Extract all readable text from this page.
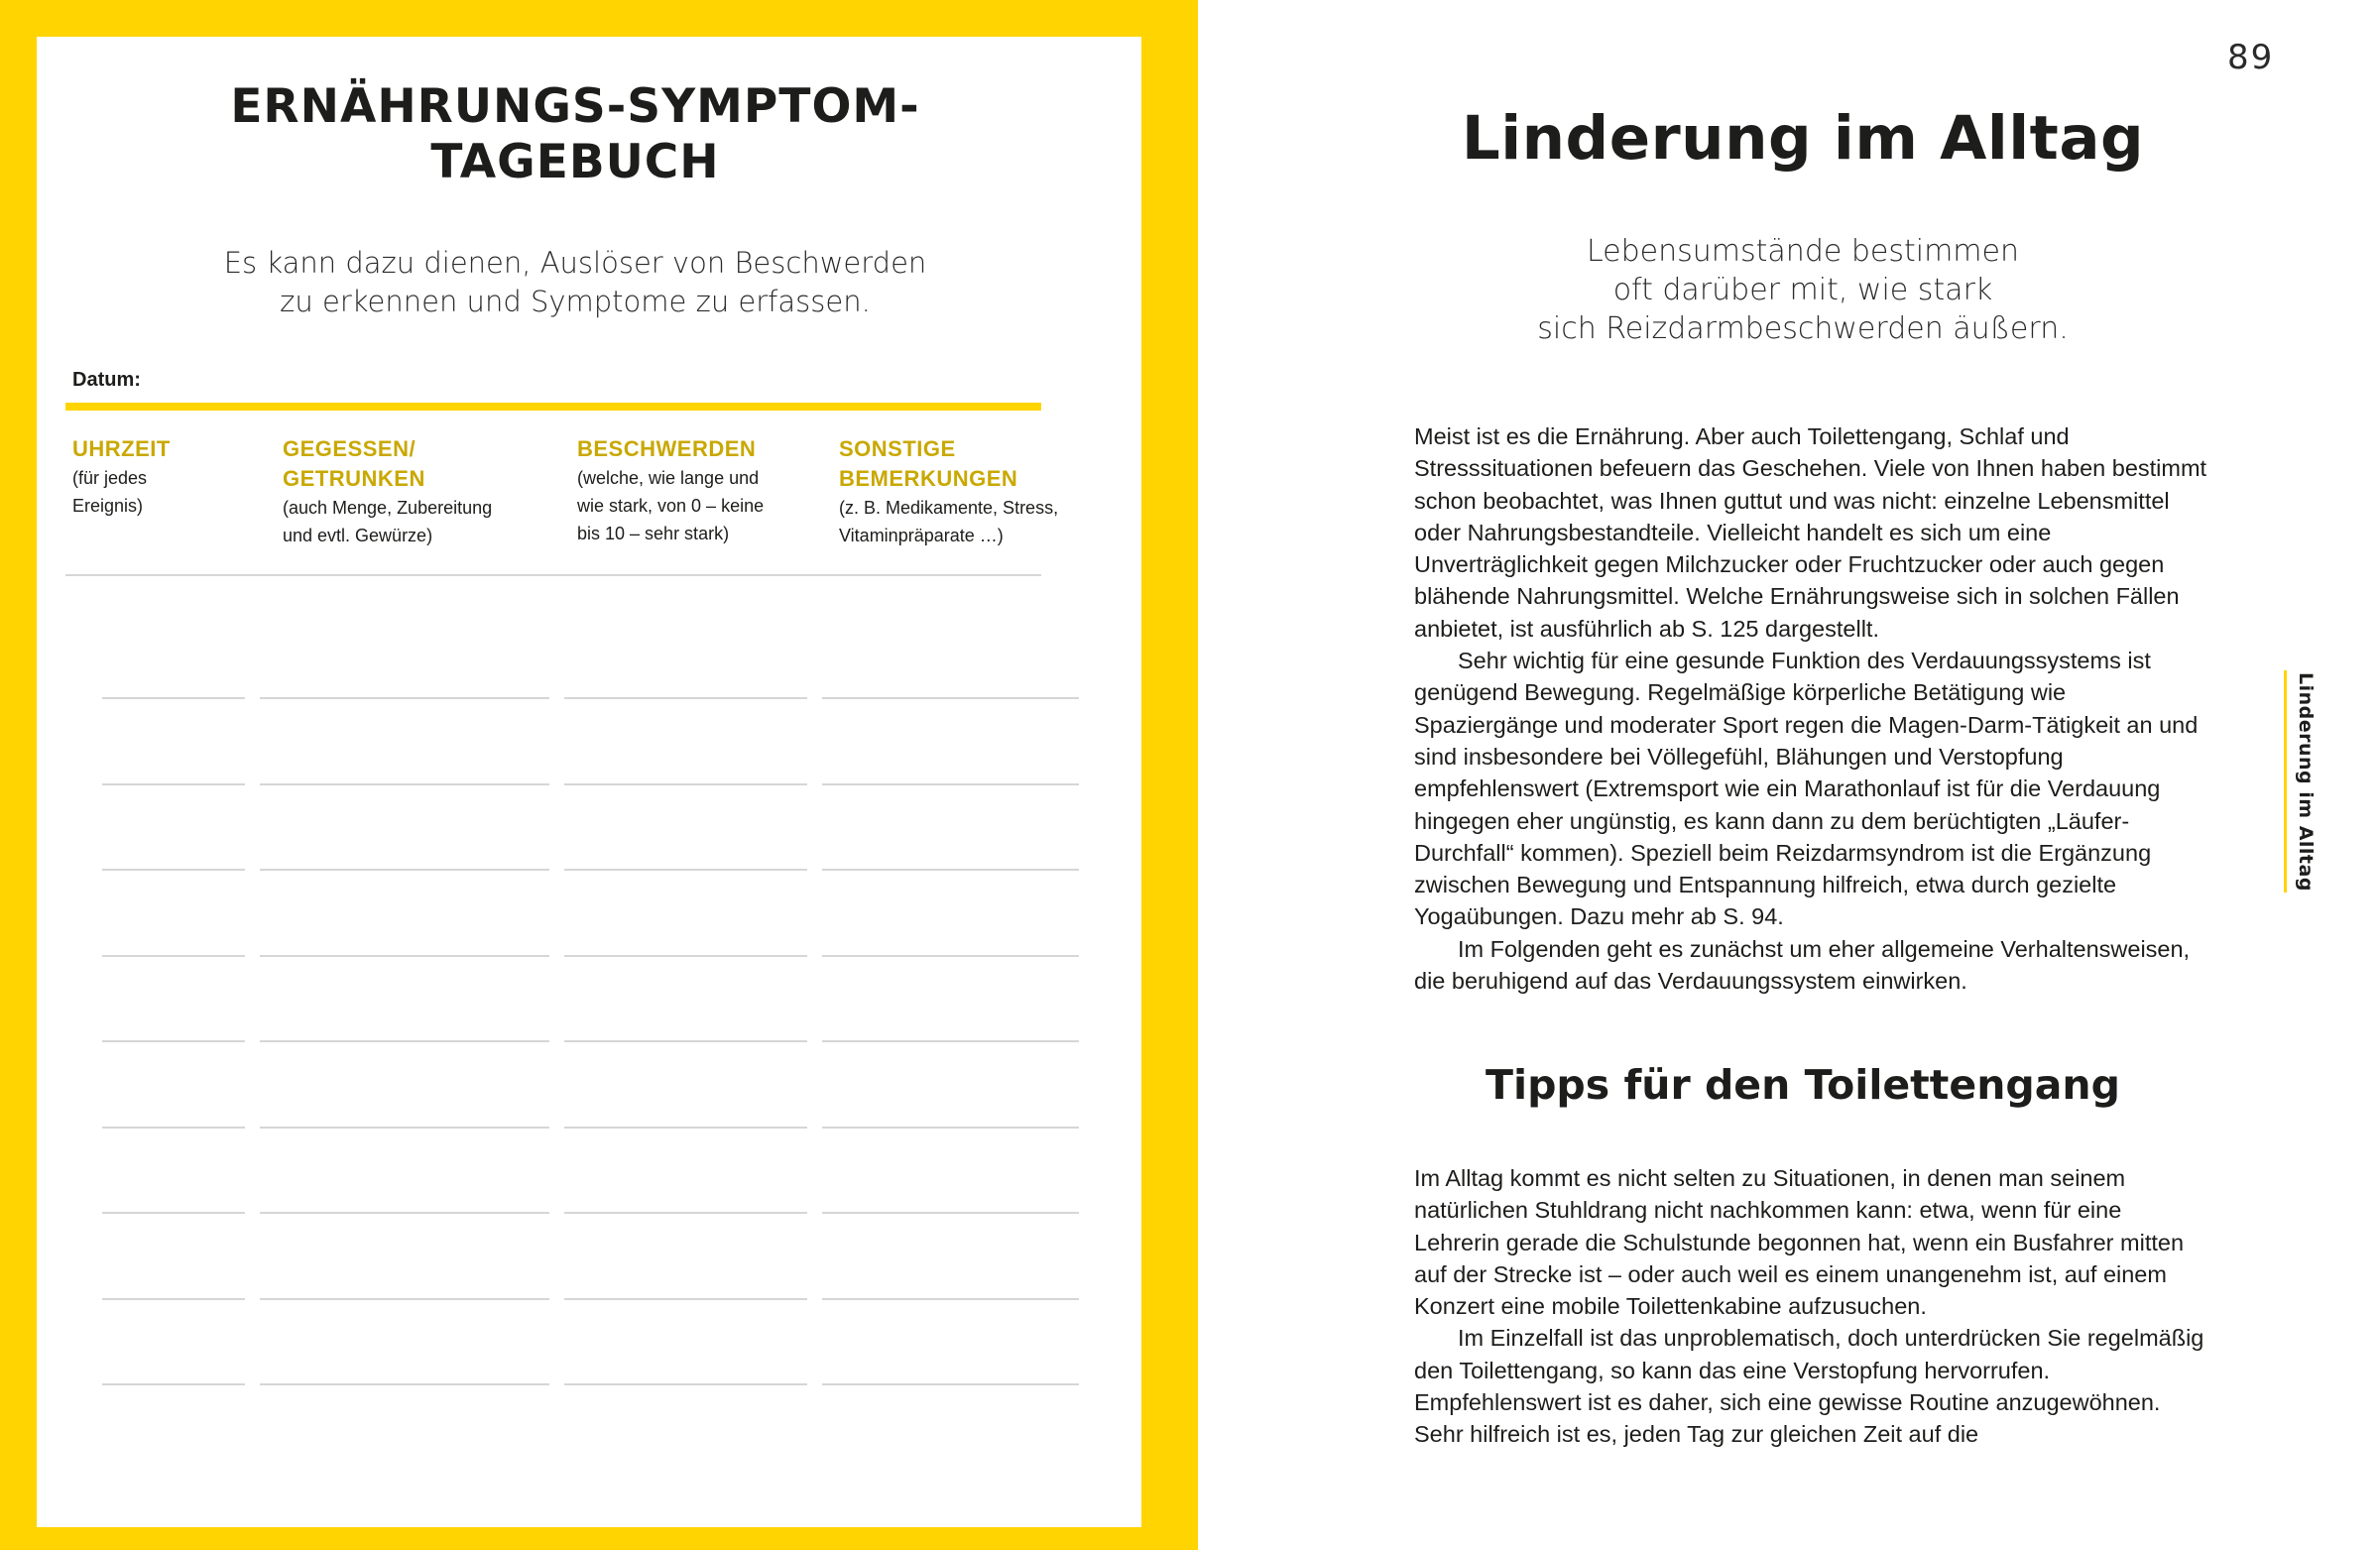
ERNÄHRUNGS-SYMPTOM-
TAGEBUCH
Es kann dazu dienen, Auslöser von Beschwerden
zu erkennen und Symptome zu erfassen.
Datum:
UHRZEIT
(für jedes
Ereignis)
GEGESSEN/
GETRUNKEN
(auch Menge, Zubereitung
und evtl. Gewürze)
BESCHWERDEN
(welche, wie lange und
wie stark, von 0 – keine
bis 10 – sehr stark)
SONSTIGE
BEMERKUNGEN
(z. B. Medikamente, Stress,
Vitaminpräparate …)
89
Linderung im Alltag
Lebensumstände bestimmen
oft darüber mit, wie stark
sich Reizdarmbeschwerden äußern.

Meist ist es die Ernährung. Aber auch Toilettengang, Schlaf und Stresssituationen befeuern das Geschehen. Viele von Ihnen haben bestimmt schon beobachtet, was Ihnen guttut und was nicht: einzelne Lebensmittel oder Nahrungsbestandteile. Vielleicht handelt es sich um eine Unverträglichkeit gegen Milchzucker oder Fruchtzucker oder auch gegen blähende Nahrungsmittel. Welche Ernährungsweise sich in solchen Fällen anbietet, ist ausführlich ab S. 125 dargestellt.

Sehr wichtig für eine gesunde Funktion des Verdauungssystems ist genügend Bewegung. Regelmäßige körperliche Betätigung wie Spaziergänge und moderater Sport regen die Magen-Darm-Tätigkeit an und sind insbesondere bei Völlegefühl, Blähungen und Verstopfung empfehlenswert (Extremsport wie ein Marathonlauf ist für die Verdauung hingegen eher ungünstig, es kann dann zu dem berüchtigten „Läufer-Durchfall“ kommen). Speziell beim Reizdarmsyndrom ist die Ergänzung zwischen Bewegung und Entspannung hilfreich, etwa durch gezielte Yogaübungen. Dazu mehr ab S. 94.

Im Folgenden geht es zunächst um eher allgemeine Verhaltensweisen, die beruhigend auf das Verdauungssystem einwirken.

Tipps für den Toilettengang

Im Alltag kommt es nicht selten zu Situationen, in denen man seinem natürlichen Stuhldrang nicht nachkommen kann: etwa, wenn für eine Lehrerin gerade die Schulstunde begonnen hat, wenn ein Busfahrer mitten auf der Strecke ist – oder auch weil es einem unangenehm ist, auf einem Konzert eine mobile Toilettenkabine aufzusuchen.

Im Einzelfall ist das unproblematisch, doch unterdrücken Sie regelmäßig den Toilettengang, so kann das eine Verstopfung hervorrufen. Empfehlenswert ist es daher, sich eine gewisse Routine anzugewöhnen. Sehr hilfreich ist es, jeden Tag zur gleichen Zeit auf die

Linderung im Alltag
